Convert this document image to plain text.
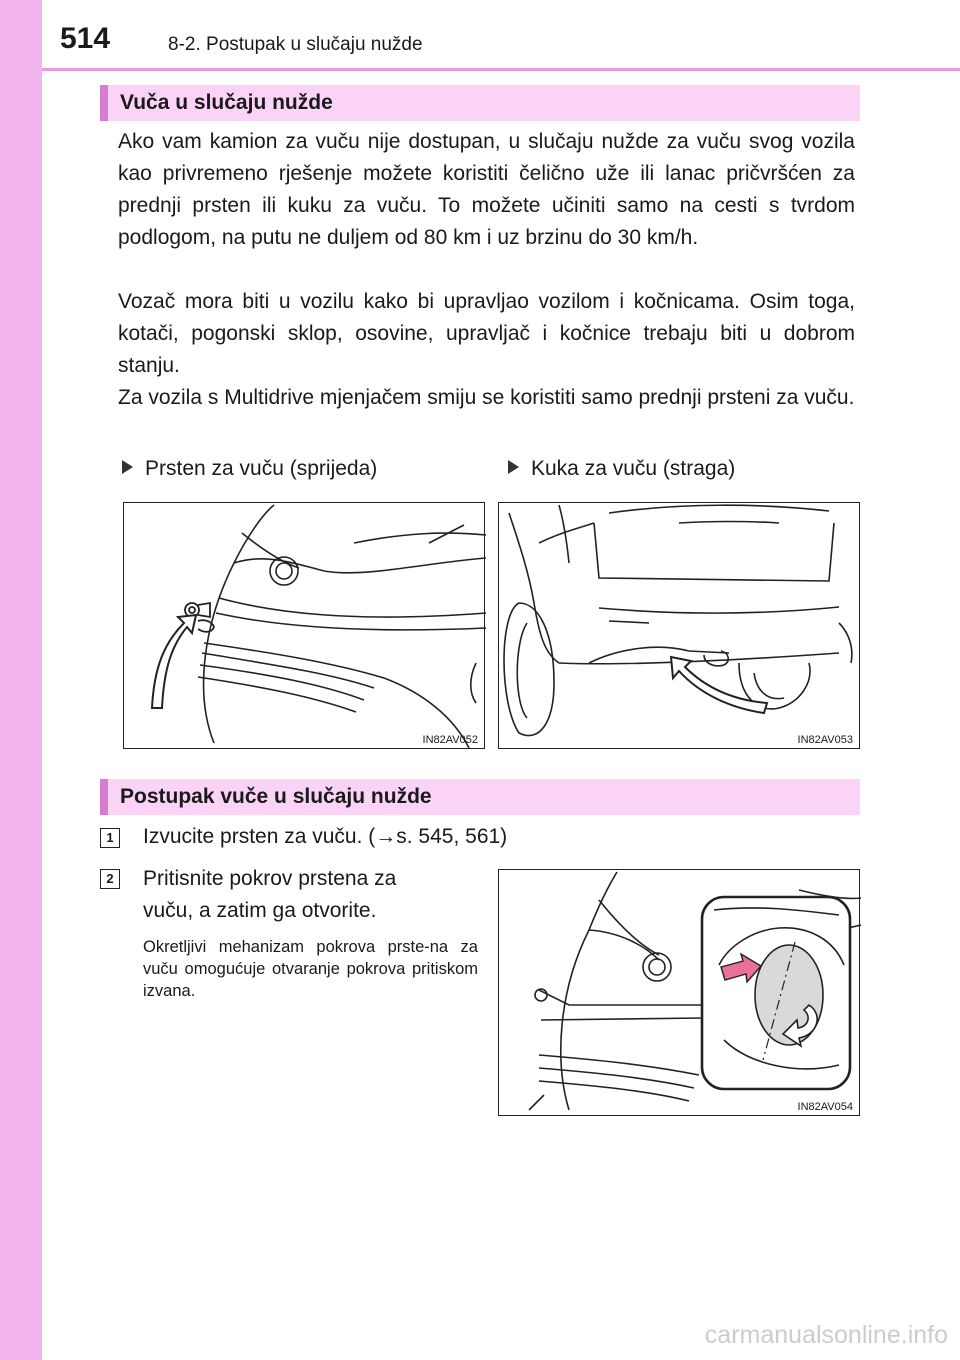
514	8-2. Postupak u slučaju nužde
Vuča u slučaju nužde
Ako vam kamion za vuču nije dostupan, u slučaju nužde za vuču svog vozila kao privremeno rješenje možete koristiti čelično uže ili lanac pričvršćen za prednji prsten ili kuku za vuču. To možete učiniti samo na cesti s tvrdom podlogom, na putu ne duljem od 80 km i uz brzinu do 30 km/h.
Vozač mora biti u vozilu kako bi upravljao vozilom i kočnicama. Osim toga, kotači, pogonski sklop, osovine, upravljač i kočnice trebaju biti u dobrom stanju.
Za vozila s Multidrive mjenjačem smiju se koristiti samo prednji prsteni za vuču.
Prsten za vuču (sprijeda)	Kuka za vuču (straga)
IN82AV052	IN82AV053
Postupak vuče u slučaju nužde
1	Izvucite prsten za vuču. (→s. 545, 561)
2	Pritisnite pokrov prstena za
vuču, a zatim ga otvorite.
Okretljivi mehanizam pokrova prste-na za vuču omogućuje otvaranje pokrova pritiskom izvana.
IN82AV054
carmanualsonline.info
